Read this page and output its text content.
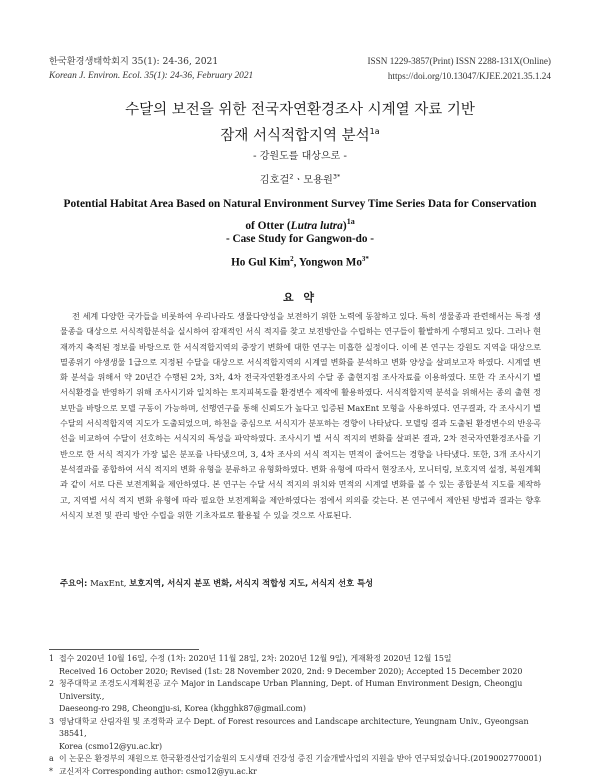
한국환경생태학회지 35(1): 24-36, 2021
Korean J. Environ. Ecol. 35(1): 24-36, February 2021
ISSN 1229-3857(Print) ISSN 2288-131X(Online)
https://doi.org/10.13047/KJEE.2021.35.1.24
수달의 보전을 위한 전국자연환경조사 시계열 자료 기반
잠재 서식적합지역 분석$^{1a}$
- 강원도를 대상으로 -
김호걸$^2$ㆍ모용원$^{3*}$
Potential Habitat Area Based on Natural Environment Survey Time Series Data for Conservation
of Otter (Lutra lutra)$^{1a}$
- Case Study for Gangwon-do -
Ho Gul Kim$^2$, Yongwon $Mo^{3*}$
요 약
전 세계 다양한 국가들을 비롯하여 우리나라도 생물다양성을 보전하기 위한 노력에 동참하고 있다. 특히 생물종과 관련해서는 특정 생물종을 대상으로 서식적합분석을 실시하여 잠재적인 서식 적지를 찾고 보전방안을 수립하는 연구들이 활발하게 수행되고 있다. 그러나 현재까지 축적된 정보를 바탕으로 한 서식적합지역의 중장기 변화에 대한 연구는 미흡한 실정이다. 이에 본 연구는 강원도 지역을 대상으로 멸종위기 야생생물 1급으로 지정된 수달을 대상으로 서식적합지역의 시계열 변화를 분석하고 변화 양상을 살펴보고자 하였다. 시계열 변화 분석을 위해서 약 20년간 수행된 2차, 3차, 4차 전국자연환경조사의 수달 종 출현지점 조사자료를 이용하였다. 또한 각 조사시기 별 서식환경을 반영하기 위해 조사시기와 일치하는 토지피복도를 환경변수 제작에 활용하였다. 서식적합지역 분석을 위해서는 종의 출현 정보만을 바탕으로 모델 구동이 가능하며, 선행연구를 통해 신뢰도가 높다고 입증된 MaxEnt 모형을 사용하였다. 연구결과, 각 조사시기 별 수달의 서식적합지역 지도가 도출되었으며, 하천을 중심으로 서식지가 분포하는 경향이 나타났다. 모델링 결과 도출된 환경변수의 반응곡선을 비교하여 수달이 선호하는 서식지의 특성을 파악하였다. 조사시기 별 서식 적지의 변화를 살펴본 결과, 2차 전국자연환경조사를 기반으로 한 서식 적지가 가장 넓은 분포를 나타냈으며, 3, 4차 조사의 서식 적지는 면적이 줄어드는 경향을 나타냈다. 또한, 3개 조사시기 분석결과를 종합하여 서식 적지의 변화 유형을 분류하고 유형화하였다. 변화 유형에 따라서 현장조사, 모니터링, 보호지역 설정, 복원계획과 같이 서로 다른 보전계획을 제안하였다. 본 연구는 수달 서식 적지의 위치와 면적의 시계열 변화를 볼 수 있는 종합분석 지도를 제작하고, 지역별 서식 적지 변화 유형에 따라 필요한 보전계획을 제안하였다는 점에서 의의를 갖는다. 본 연구에서 제안된 방법과 결과는 향후 서식지 보전 및 관리 방안 수립을 위한 기초자료로 활용될 수 있을 것으로 사료된다.
주요어: MaxEnt, 보호지역, 서식지 분포 변화, 서식지 적합성 지도, 서식지 선호 특성
1 접수 2020년 10월 16일, 수정 (1차: 2020년 11월 28일, 2차: 2020년 12월 9일), 게재확정 2020년 12월 15일
Received 16 October 2020; Revised (1st: 28 November 2020, 2nd: 9 December 2020); Accepted 15 December 2020
2 청주대학교 조경도시계획전공 교수 Major in Landscape Urban Planning, Dept. of Human Environment Design, Cheongju University.,
Daeseong-ro 298, Cheongju-si, Korea (khgghk87@gmail.com)
3 영남대학교 산림자원 및 조경학과 교수 Dept. of Forest resources and Landscape architecture, Yeungnam Univ., Gyeongsan 38541,
Korea (csmo12@yu.ac.kr)
a 이 논문은 환경부의 재원으로 한국환경산업기술원의 도시생태 건강성 증진 기술개발사업의 지원을 받아 연구되었습니다.(2019002770001)
* 교신저자 Corresponding author: csmo12@yu.ac.kr
